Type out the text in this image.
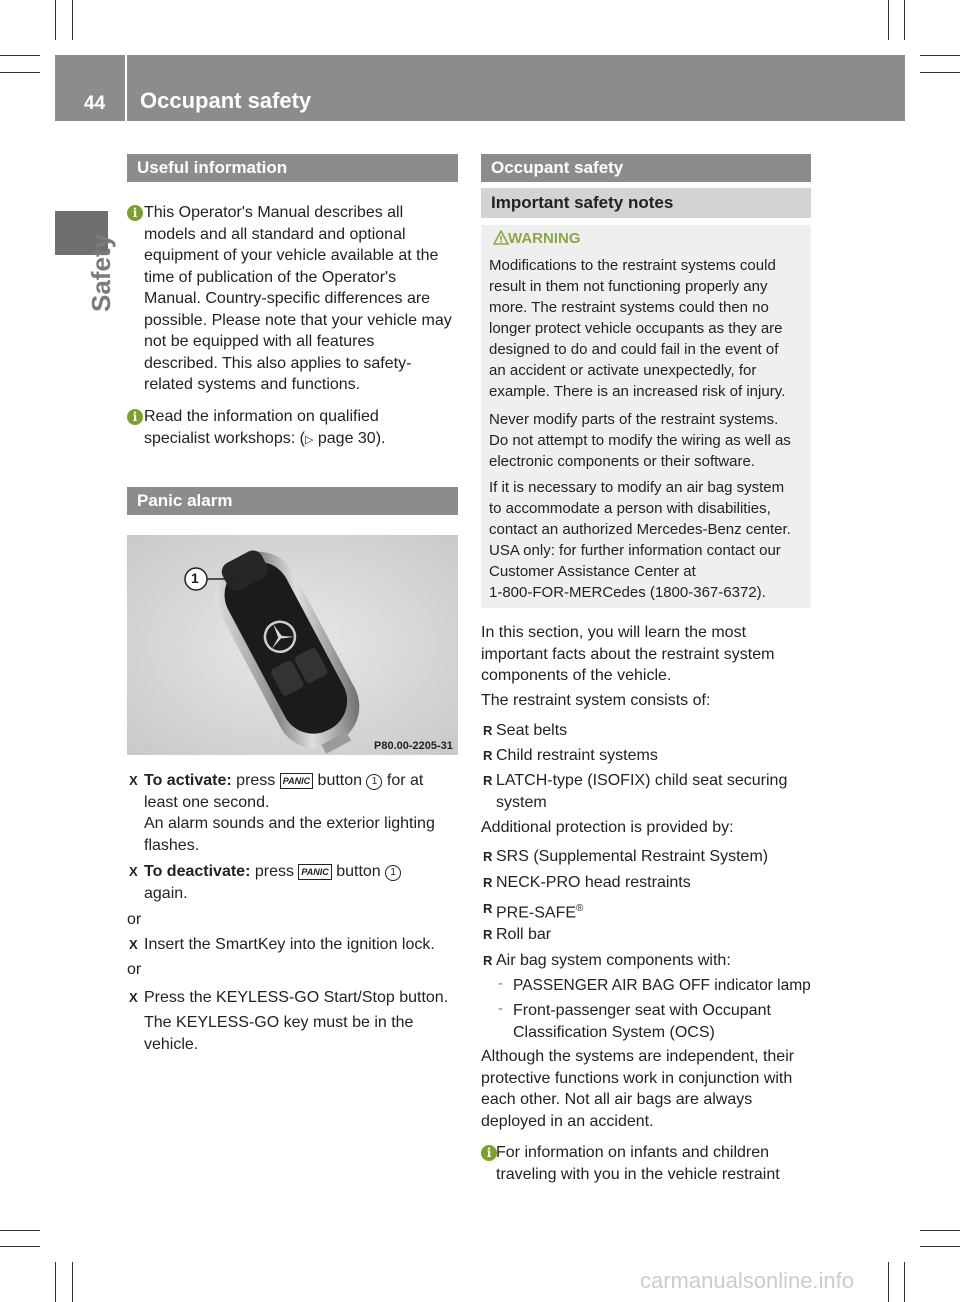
44 Occupant safety
Safety
Useful information
i This Operator's Manual describes all
models and all standard and optional
equipment of your vehicle available at the
time of publication of the Operator's
Manual. Country-specific differences are
possible. Please note that your vehicle may
not be equipped with all features
described. This also applies to safety-
related systems and functions.
i Read the information on qualified
specialist workshops: (▷ page 30).
Panic alarm
1
P80.00-2205-31
X To activate: press PANIC button 1 for at
least one second.
An alarm sounds and the exterior lighting
flashes.
X To deactivate: press PANIC button 1
again.
or
X Insert the SmartKey into the ignition lock.
or
X Press the KEYLESS-GO Start/Stop button.
The KEYLESS-GO key must be in the
vehicle.
Occupant safety
Important safety notes
! WARNING
Modifications to the restraint systems could
result in them not functioning properly any
more. The restraint systems could then no
longer protect vehicle occupants as they are
designed to do and could fail in the event of
an accident or activate unexpectedly, for
example. There is an increased risk of injury.
Never modify parts of the restraint systems.
Do not attempt to modify the wiring as well as
electronic components or their software.
If it is necessary to modify an air bag system
to accommodate a person with disabilities,
contact an authorized Mercedes-Benz center.
USA only: for further information contact our
Customer Assistance Center at
1-800-FOR-MERCedes (1800-367-6372).
In this section, you will learn the most
important facts about the restraint system
components of the vehicle.
The restraint system consists of:
R Seat belts
R Child restraint systems
R LATCH-type (ISOFIX) child seat securing
system
Additional protection is provided by:
R SRS (Supplemental Restraint System)
R NECK-PRO head restraints
R PRE-SAFE®
R Roll bar
R Air bag system components with:
- PASSENGER AIR BAG OFF indicator lamp
- Front-passenger seat with Occupant
Classification System (OCS)
Although the systems are independent, their
protective functions work in conjunction with
each other. Not all air bags are always
deployed in an accident.
i For information on infants and children
traveling with you in the vehicle restraint
carmanualsonline.info
